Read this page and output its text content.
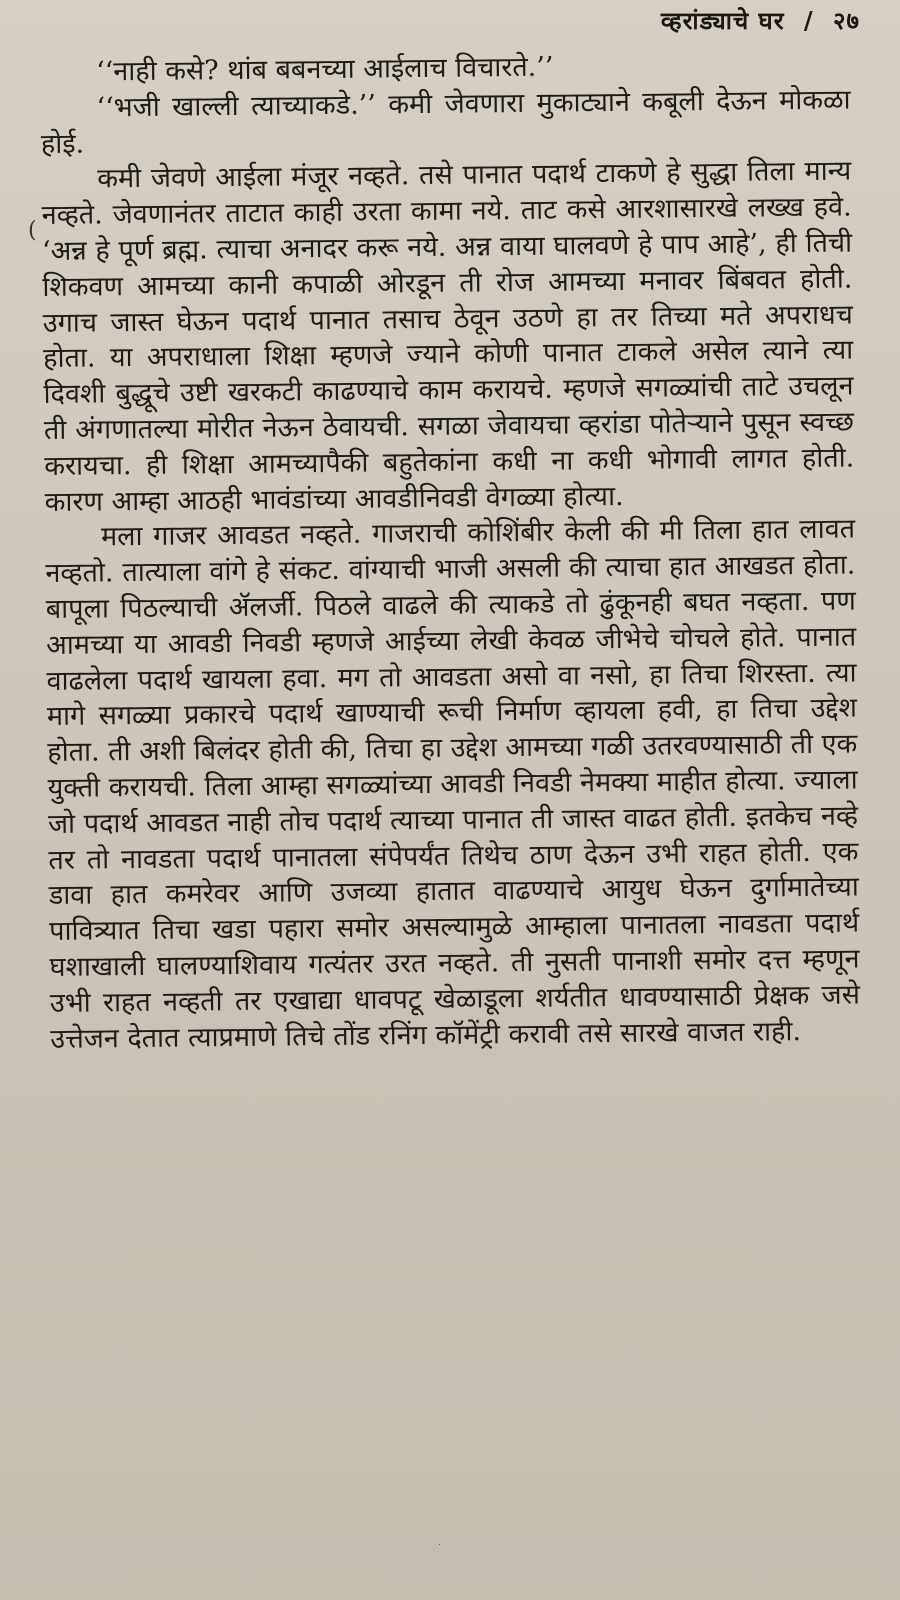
व्हरांड्याचे घर / २७
(

‘‘नाही कसे? थांब बबनच्या आईलाच विचारते.’’

‘‘भजी खाल्ली त्याच्याकडे.’’ कमी जेवणारा मुकाट्याने कबूली देऊन मोकळा होई.

कमी जेवणे आईला मंजूर नव्हते. तसे पानात पदार्थ टाकणे हे सुद्धा तिला मान्य नव्हते. जेवणानंतर ताटात काही उरता कामा नये. ताट कसे आरशासारखे लख्ख हवे. ‘अन्न हे पूर्ण ब्रह्म. त्याचा अनादर करू नये. अन्न वाया घालवणे हे पाप आहे’, ही तिची शिकवण आमच्या कानी कपाळी ओरडून ती रोज आमच्या मनावर बिंबवत होती. उगाच जास्त घेऊन पदार्थ पानात तसाच ठेवून उठणे हा तर तिच्या मते अपराधच होता. या अपराधाला शिक्षा म्हणजे ज्याने कोणी पानात टाकले असेल त्याने त्या दिवशी बुद्धूचे उष्टी खरकटी काढण्याचे काम करायचे. म्हणजे सगळ्यांची ताटे उचलून ती अंगणातल्या मोरीत नेऊन ठेवायची. सगळा जेवायचा व्हरांडा पोतेऱ्याने पुसून स्वच्छ करायचा. ही शिक्षा आमच्यापैकी बहुतेकांना कधी ना कधी भोगावी लागत होती. कारण आम्हा आठही भावंडांच्या आवडीनिवडी वेगळ्या होत्या.

मला गाजर आवडत नव्हते. गाजराची कोशिंबीर केली की मी तिला हात लावत नव्हतो. तात्याला वांगे हे संकट. वांग्याची भाजी असली की त्याचा हात आखडत होता. बापूला पिठल्याची ॲलर्जी. पिठले वाढले की त्याकडे तो ढुंकूनही बघत नव्हता. पण आमच्या या आवडी निवडी म्हणजे आईच्या लेखी केवळ जीभेचे चोचले होते. पानात वाढलेला पदार्थ खायला हवा. मग तो आवडता असो वा नसो, हा तिचा शिरस्ता. त्या मागे सगळ्या प्रकारचे पदार्थ खाण्याची रूची निर्माण व्हायला हवी, हा तिचा उद्देश होता. ती अशी बिलंदर होती की, तिचा हा उद्देश आमच्या गळी उतरवण्यासाठी ती एक युक्ती करायची. तिला आम्हा सगळ्यांच्या आवडी निवडी नेमक्या माहीत होत्या. ज्याला जो पदार्थ आवडत नाही तोच पदार्थ त्याच्या पानात ती जास्त वाढत होती. इतकेच नव्हे तर तो नावडता पदार्थ पानातला संपेपर्यंत तिथेच ठाण देऊन उभी राहत होती. एक डावा हात कमरेवर आणि उजव्या हातात वाढण्याचे आयुध घेऊन दुर्गामातेच्या पावित्र्यात तिचा खडा पहारा समोर असल्यामुळे आम्हाला पानातला नावडता पदार्थ घशाखाली घालण्याशिवाय गत्यंतर उरत नव्हते. ती नुसती पानाशी समोर दत्त म्हणून उभी राहत नव्हती तर एखाद्या धावपटू खेळाडूला शर्यतीत धावण्यासाठी प्रेक्षक जसे उत्तेजन देतात त्याप्रमाणे तिचे तोंड रनिंग कॉमेंट्री करावी तसे सारखे वाजत राही.

·
